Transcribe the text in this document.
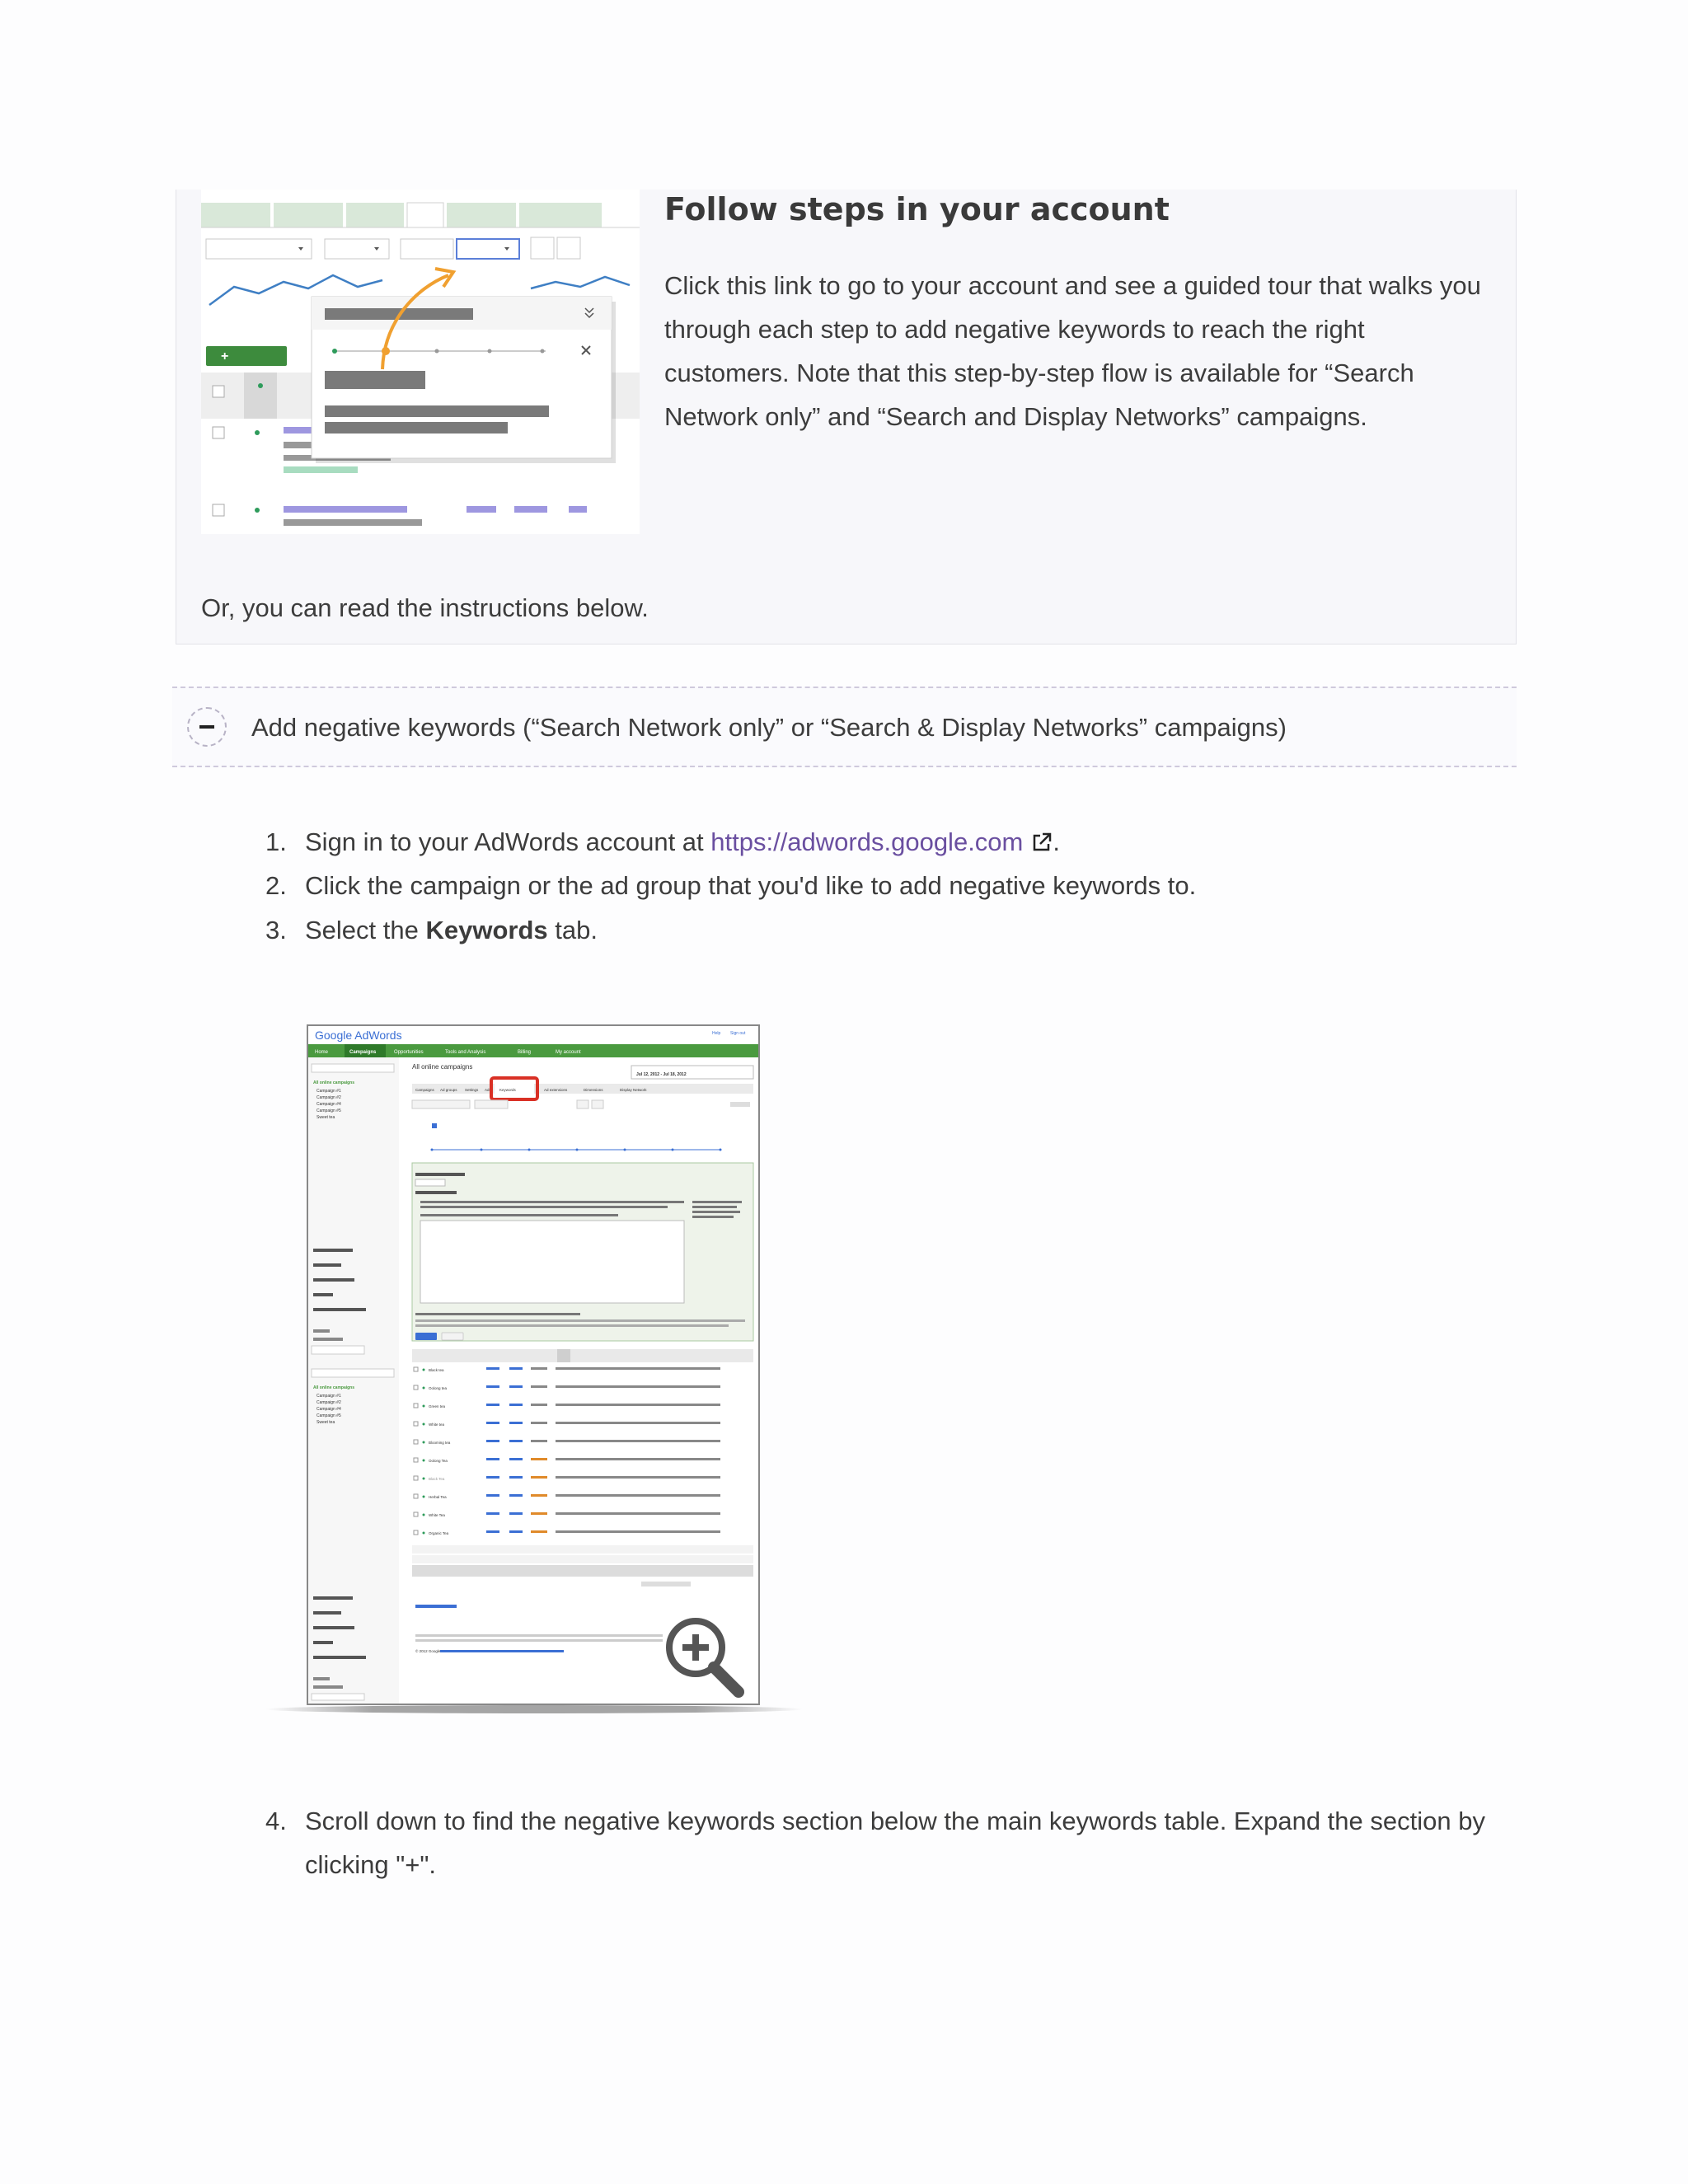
+
Follow steps in your account

Click this link to go to your account and see a guided tour that walks you through each step to add negative keywords to reach the right customers. Note that this step-by-step flow is available for “Search Network only” and “Search and Display Networks” campaigns.

Or, you can read the instructions below.

Add negative keywords (“Search Network only” or “Search & Display Networks” campaigns)
1. Sign in to your AdWords account at https://adwords.google.com .
2. Click the campaign or the ad group that you'd like to add negative keywords to.
3. Select the Keywords tab.
Google AdWords	Help Sign out
Home	Campaigns	Opportunities	Tools and Analysis	Billing	My account
All online campaigns
Campaign #1
Campaign #2
Campaign #4
Campaign #5
Sweet tea
All online campaigns
Campaign #1
Campaign #2
Campaign #4
Campaign #5
Sweet tea
All online campaigns
Jul 12, 2012 - Jul 18, 2012
Campaigns Ad groups Settings Ads	Ad extensions	Dimensions	Display Network
Keywords
Black tea
Oolong tea
Green tea
White tea
Blooming tea
Oolong Tea
Black Tea
Herbal Tea
White Tea
Organic Tea
© 2012 Google
4. Scroll down to find the negative keywords section below the main keywords table. Expand the section by clicking "+".
